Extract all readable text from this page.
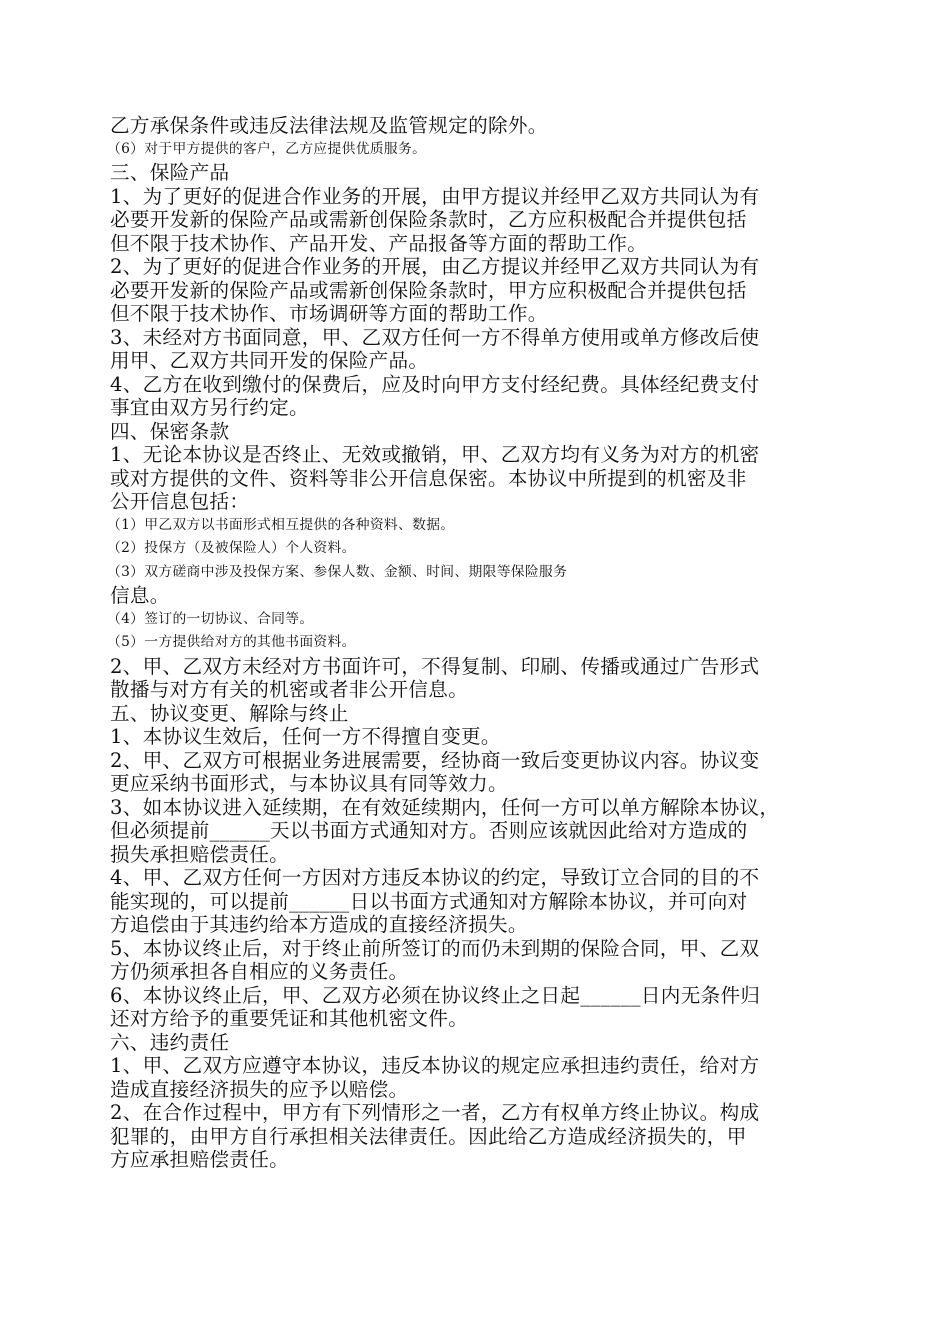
乙方承保条件或违反法律法规及监管规定的除外。
（6）对于甲方提供的客户，乙方应提供优质服务。
三、保险产品
1、为了更好的促进合作业务的开展，由甲方提议并经甲乙双方共同认为有
必要开发新的保险产品或需新创保险条款时，乙方应积极配合并提供包括
但不限于技术协作、产品开发、产品报备等方面的帮助工作。
2、为了更好的促进合作业务的开展，由乙方提议并经甲乙双方共同认为有
必要开发新的保险产品或需新创保险条款时，甲方应积极配合并提供包括
但不限于技术协作、市场调研等方面的帮助工作。
3、未经对方书面同意，甲、乙双方任何一方不得单方使用或单方修改后使
用甲、乙双方共同开发的保险产品。
4、乙方在收到缴付的保费后，应及时向甲方支付经纪费。具体经纪费支付
事宜由双方另行约定。
四、保密条款
1、无论本协议是否终止、无效或撤销，甲、乙双方均有义务为对方的机密
或对方提供的文件、资料等非公开信息保密。本协议中所提到的机密及非
公开信息包括：
（1）甲乙双方以书面形式相互提供的各种资料、数据。
（2）投保方（及被保险人）个人资料。
（3）双方磋商中涉及投保方案、参保人数、金额、时间、期限等保险服务
信息。
（4）签订的一切协议、合同等。
（5）一方提供给对方的其他书面资料。
2、甲、乙双方未经对方书面许可，不得复制、印刷、传播或通过广告形式
散播与对方有关的机密或者非公开信息。
五、协议变更、解除与终止
1、本协议生效后，任何一方不得擅自变更。
2、甲、乙双方可根据业务进展需要，经协商一致后变更协议内容。协议变
更应采纳书面形式，与本协议具有同等效力。
3、如本协议进入延续期，在有效延续期内，任何一方可以单方解除本协议，
但必须提前______天以书面方式通知对方。否则应该就因此给对方造成的
损失承担赔偿责任。
4、甲、乙双方任何一方因对方违反本协议的约定，导致订立合同的目的不
能实现的，可以提前______日以书面方式通知对方解除本协议，并可向对
方追偿由于其违约给本方造成的直接经济损失。
5、本协议终止后，对于终止前所签订的而仍未到期的保险合同，甲、乙双
方仍须承担各自相应的义务责任。
6、本协议终止后，甲、乙双方必须在协议终止之日起______日内无条件归
还对方给予的重要凭证和其他机密文件。
六、违约责任
1、甲、乙双方应遵守本协议，违反本协议的规定应承担违约责任，给对方
造成直接经济损失的应予以赔偿。
2、在合作过程中，甲方有下列情形之一者，乙方有权单方终止协议。构成
犯罪的，由甲方自行承担相关法律责任。因此给乙方造成经济损失的，甲
方应承担赔偿责任。
